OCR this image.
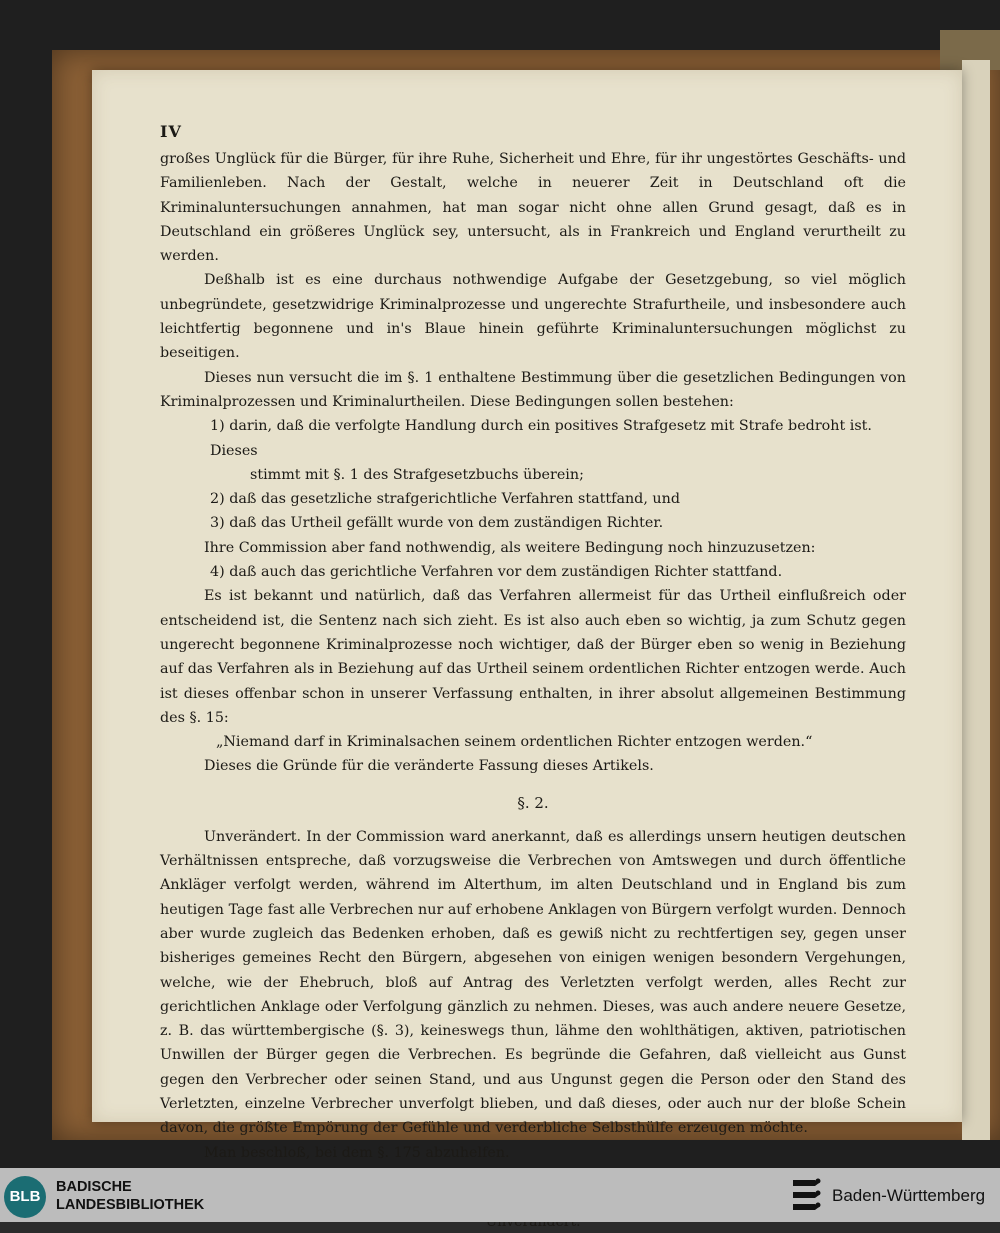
IV

großes Unglück für die Bürger, für ihre Ruhe, Sicherheit und Ehre, für ihr ungestörtes Geschäfts- und Familienleben. Nach der Gestalt, welche in neuerer Zeit in Deutschland oft die Kriminaluntersuchungen annahmen, hat man sogar nicht ohne allen Grund gesagt, daß es in Deutschland ein größeres Unglück sey, untersucht, als in Frankreich und England verurtheilt zu werden.

Deßhalb ist es eine durchaus nothwendige Aufgabe der Gesetzgebung, so viel möglich unbegründete, gesetzwidrige Kriminalprozesse und ungerechte Strafurtheile, und insbesondere auch leichtfertig begonnene und in's Blaue hinein geführte Kriminaluntersuchungen möglichst zu beseitigen.

Dieses nun versucht die im §. 1 enthaltene Bestimmung über die gesetzlichen Bedingungen von Kriminalprozessen und Kriminalurtheilen. Diese Bedingungen sollen bestehen:

1) darin, daß die verfolgte Handlung durch ein positives Strafgesetz mit Strafe bedroht ist. Dieses
stimmt mit §. 1 des Strafgesetzbuchs überein;
2) daß das gesetzliche strafgerichtliche Verfahren stattfand, und
3) daß das Urtheil gefällt wurde von dem zuständigen Richter.

Ihre Commission aber fand nothwendig, als weitere Bedingung noch hinzuzusetzen:

4) daß auch das gerichtliche Verfahren vor dem zuständigen Richter stattfand.

Es ist bekannt und natürlich, daß das Verfahren allermeist für das Urtheil einflußreich oder entscheidend ist, die Sentenz nach sich zieht. Es ist also auch eben so wichtig, ja zum Schutz gegen ungerecht begonnene Kriminalprozesse noch wichtiger, daß der Bürger eben so wenig in Beziehung auf das Verfahren als in Beziehung auf das Urtheil seinem ordentlichen Richter entzogen werde. Auch ist dieses offenbar schon in unserer Verfassung enthalten, in ihrer absolut allgemeinen Bestimmung des §. 15:

„Niemand darf in Kriminalsachen seinem ordentlichen Richter entzogen werden.“

Dieses die Gründe für die veränderte Fassung dieses Artikels.

§. 2.

Unverändert. In der Commission ward anerkannt, daß es allerdings unsern heutigen deutschen Verhältnissen entspreche, daß vorzugsweise die Verbrechen von Amtswegen und durch öffentliche Ankläger verfolgt werden, während im Alterthum, im alten Deutschland und in England bis zum heutigen Tage fast alle Verbrechen nur auf erhobene Anklagen von Bürgern verfolgt wurden. Dennoch aber wurde zugleich das Bedenken erhoben, daß es gewiß nicht zu rechtfertigen sey, gegen unser bisheriges gemeines Recht den Bürgern, abgesehen von einigen wenigen besondern Vergehungen, welche, wie der Ehebruch, bloß auf Antrag des Verletzten verfolgt werden, alles Recht zur gerichtlichen Anklage oder Verfolgung gänzlich zu nehmen. Dieses, was auch andere neuere Gesetze, z. B. das württembergische (§. 3), keineswegs thun, lähme den wohlthätigen, aktiven, patriotischen Unwillen der Bürger gegen die Verbrechen. Es begründe die Gefahren, daß vielleicht aus Gunst gegen den Verbrecher oder seinen Stand, und aus Ungunst gegen die Person oder den Stand des Verletzten, einzelne Verbrecher unverfolgt blieben, und daß dieses, oder auch nur der bloße Schein davon, die größte Empörung der Gefühle und verderbliche Selbsthülfe erzeugen möchte.

Man beschloß, bei dem §. 175 abzuhelfen.

BLB
BADISCHE
LANDESBIBLIOTHEK	Baden-Württemberg
